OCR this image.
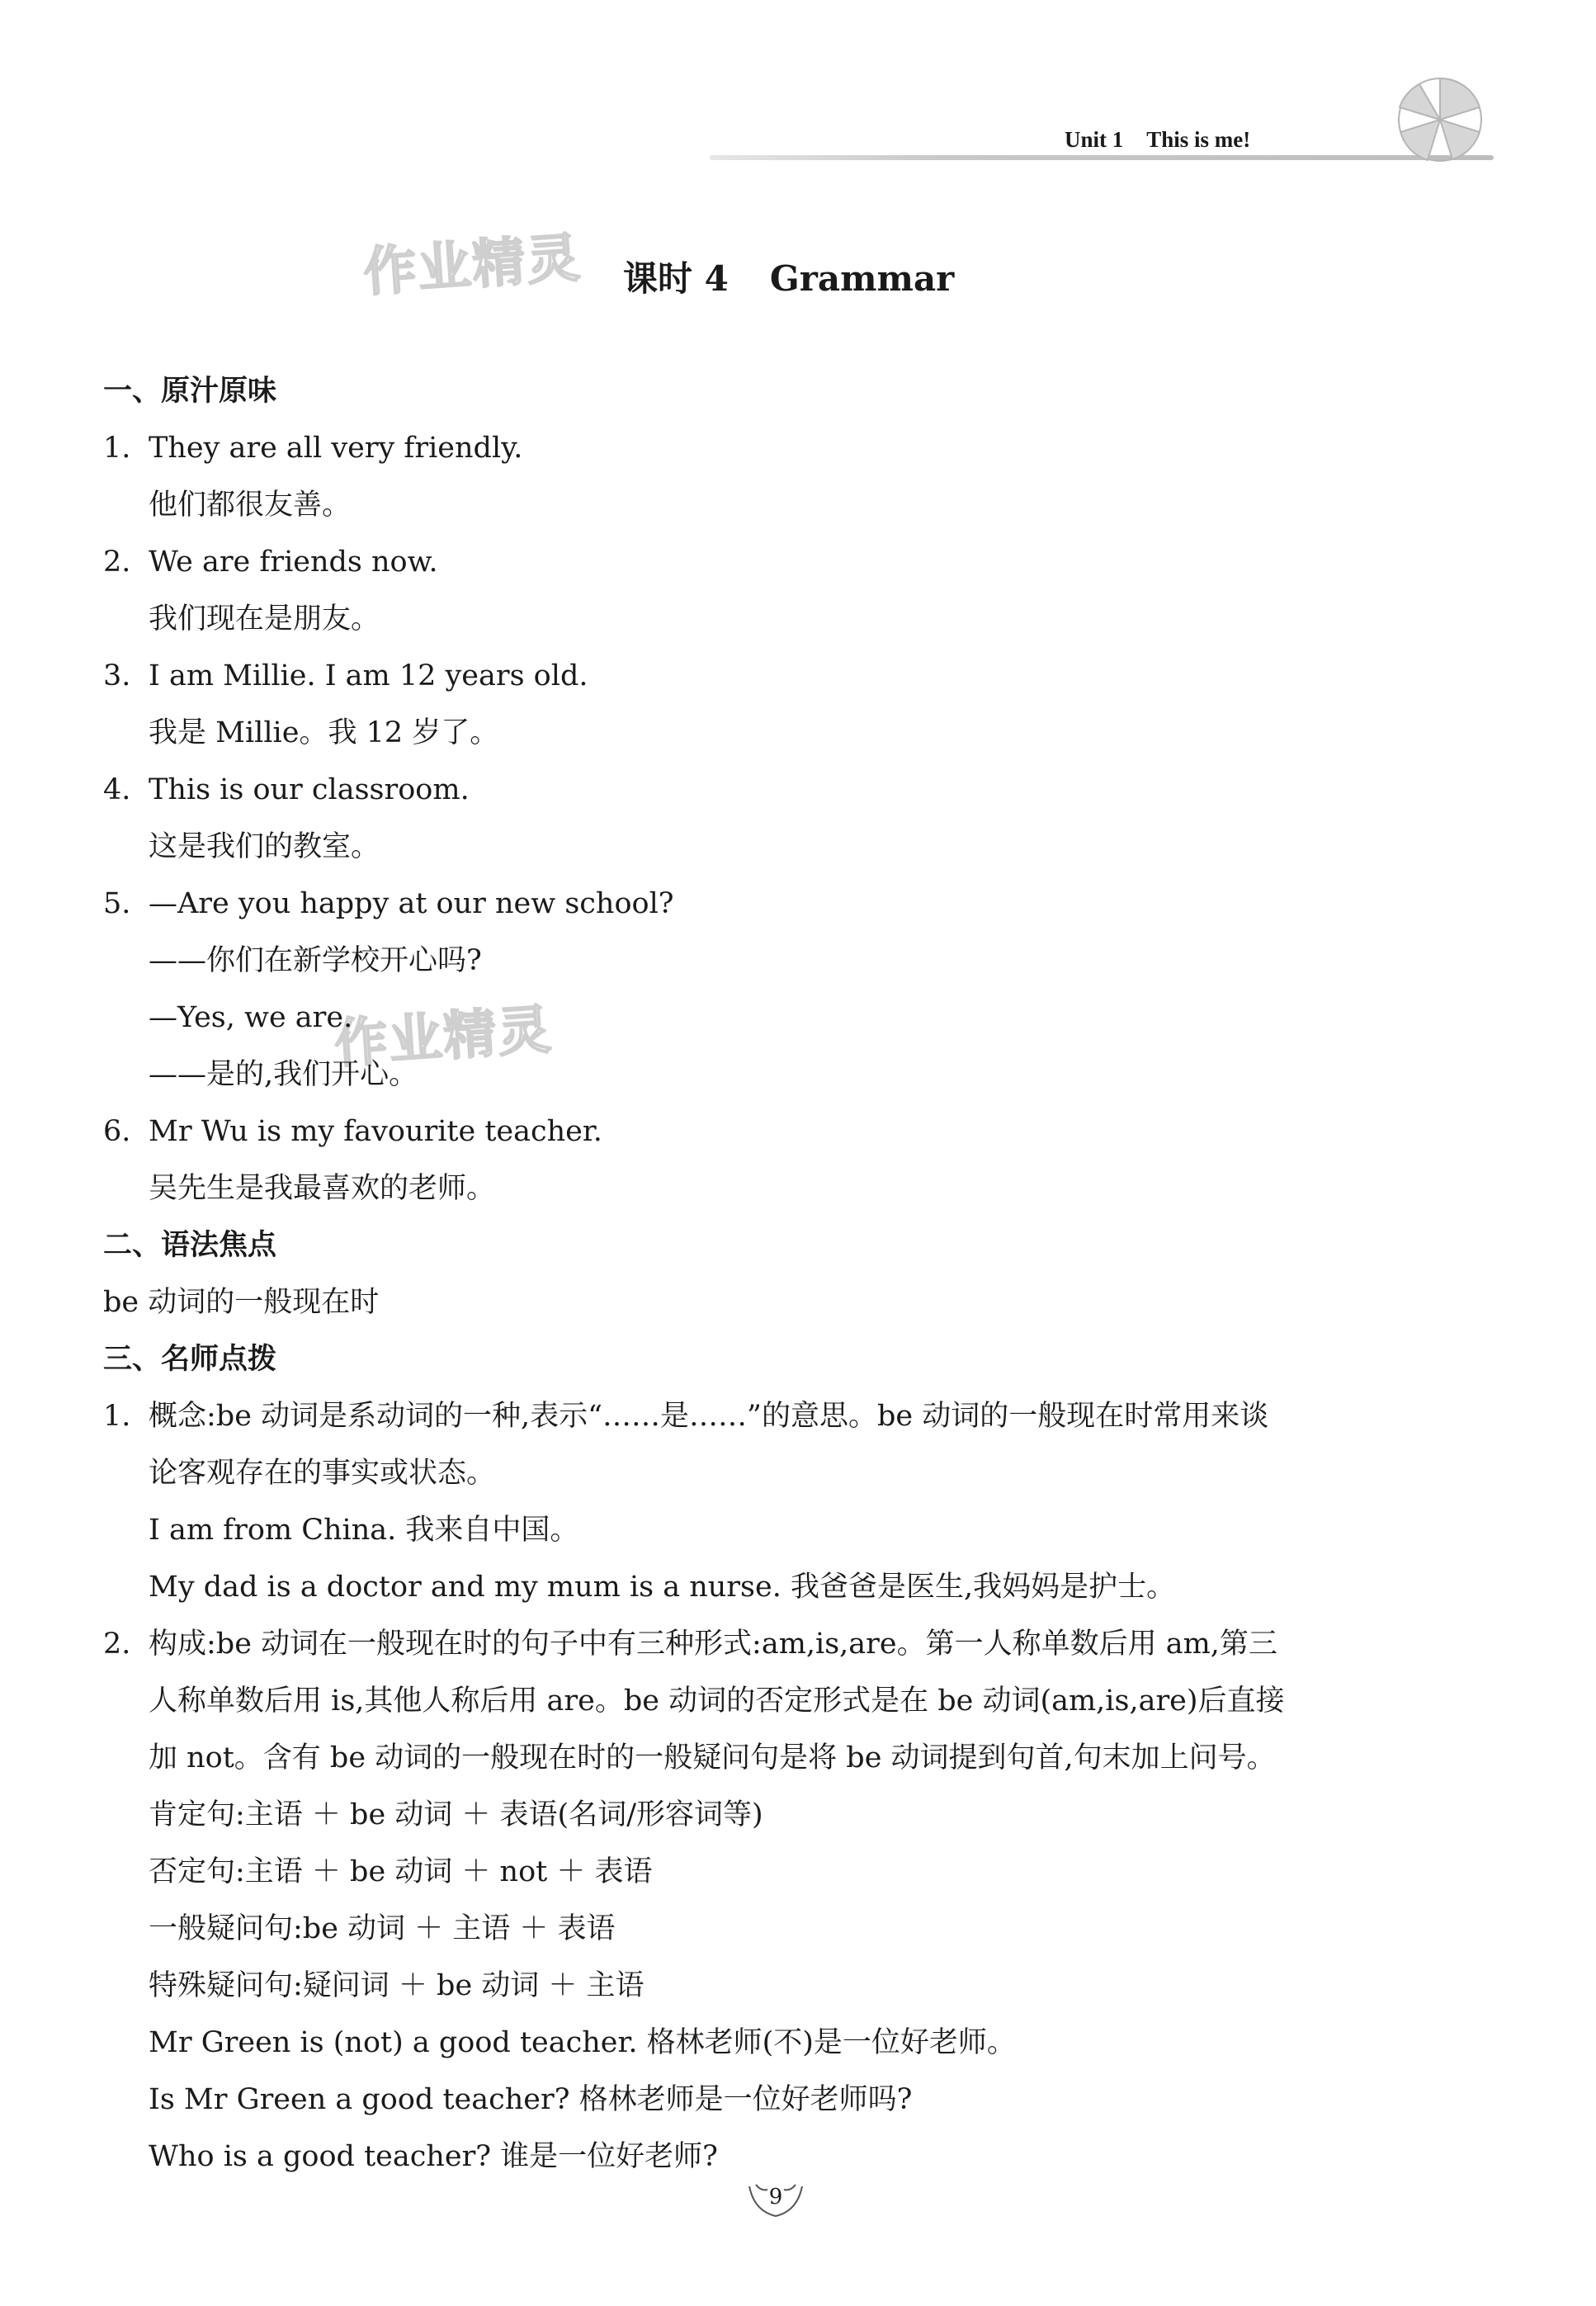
Unit 1 This is me!
作业精灵
作业精灵
课时 4 Grammar
一、原汁原味
1. They are all very friendly.
他们都很友善。
2. We are friends now.
我们现在是朋友。
3. I am Millie. I am 12 years old.
我是 Millie。我 12 岁了。
4. This is our classroom.
这是我们的教室。
5. —Are you happy at our new school?
——你们在新学校开心吗?
—Yes, we are.
——是的,我们开心。
6. Mr Wu is my favourite teacher.
吴先生是我最喜欢的老师。
二、语法焦点
be 动词的一般现在时
三、名师点拨
1. 概念:be 动词是系动词的一种,表示“……是……”的意思。be 动词的一般现在时常用来谈
论客观存在的事实或状态。
I am from China. 我来自中国。
My dad is a doctor and my mum is a nurse. 我爸爸是医生,我妈妈是护士。
2. 构成:be 动词在一般现在时的句子中有三种形式:am,is,are。第一人称单数后用 am,第三
人称单数后用 is,其他人称后用 are。be 动词的否定形式是在 be 动词(am,is,are)后直接
加 not。含有 be 动词的一般现在时的一般疑问句是将 be 动词提到句首,句末加上问号。
肯定句:主语 ＋ be 动词 ＋ 表语(名词/形容词等)
否定句:主语 ＋ be 动词 ＋ not ＋ 表语
一般疑问句:be 动词 ＋ 主语 ＋ 表语
特殊疑问句:疑问词 ＋ be 动词 ＋ 主语
Mr Green is (not) a good teacher. 格林老师(不)是一位好老师。
Is Mr Green a good teacher? 格林老师是一位好老师吗?
Who is a good teacher? 谁是一位好老师?
9
